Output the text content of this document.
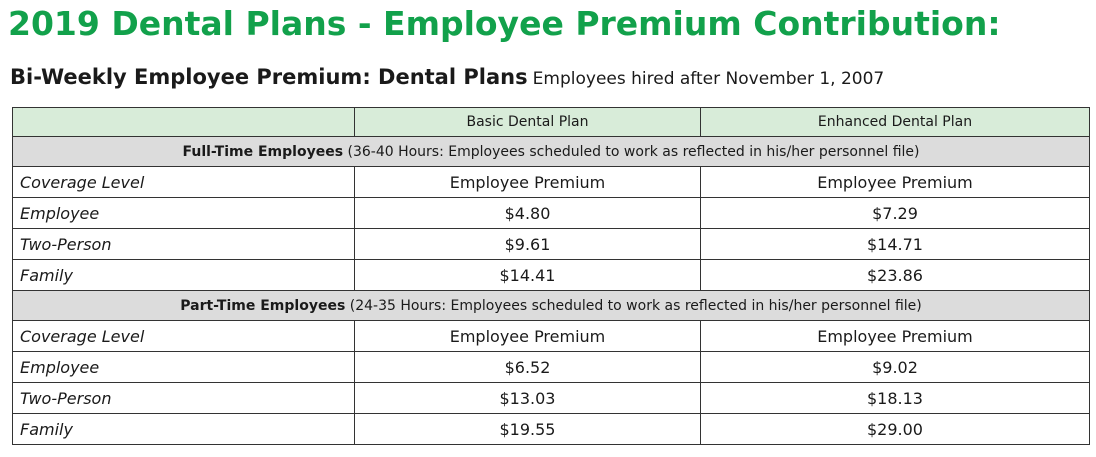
2019 Dental Plans - Employee Premium Contribution:
Bi-Weekly Employee Premium: Dental Plans Employees hired after November 1, 2007
	Basic Dental Plan	Enhanced Dental Plan
Full-Time Employees (36-40 Hours: Employees scheduled to work as reflected in his/her personnel file)		
Coverage Level	Employee Premium	Employee Premium
Employee	$4.80	$7.29
Two-Person	$9.61	$14.71
Family	$14.41	$23.86
Part-Time Employees (24-35 Hours: Employees scheduled to work as reflected in his/her personnel file)		
Coverage Level	Employee Premium	Employee Premium
Employee	$6.52	$9.02
Two-Person	$13.03	$18.13
Family	$19.55	$29.00
